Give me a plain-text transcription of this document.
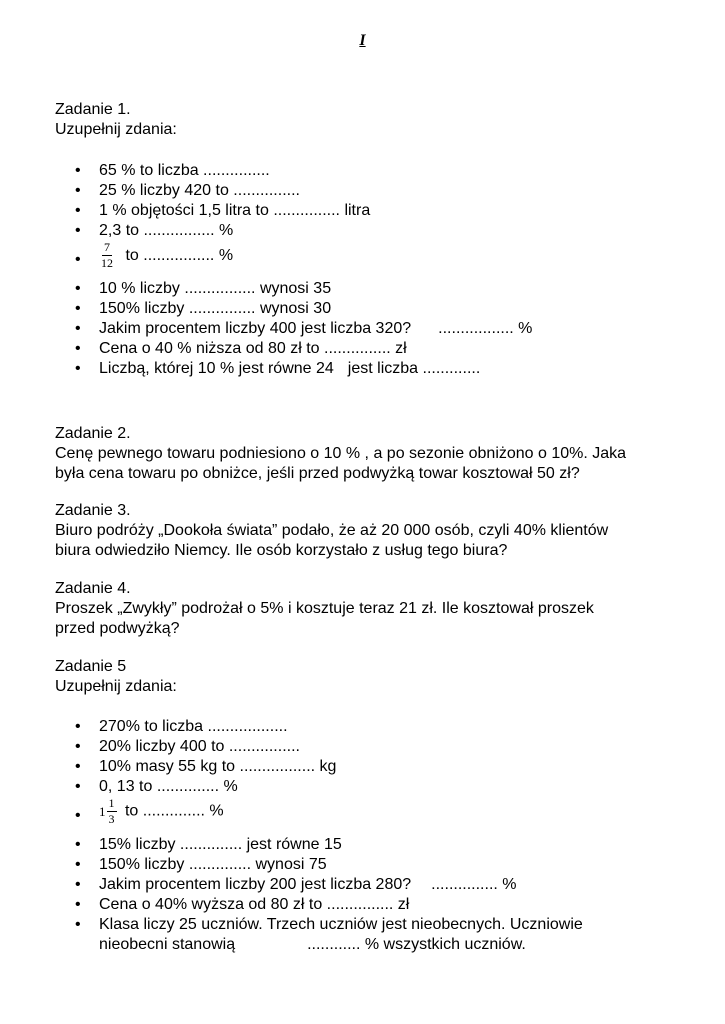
I
Zadanie 1.
Uzupełnij zdania:
• 65 % to liczba ...............
• 25 % liczby 420 to ...............
• 1 % objętości 1,5 litra to ............... litra
• 2,3 to ................ %
• $\frac{7}{12}$ to ................ %
• 10 % liczby ................ wynosi 35
• 150% liczby ............... wynosi 30
• Jakim procentem liczby 400 jest liczba 320? ................. %
• Cena o 40 % niższa od 80 zł to ............... zł
• Liczbą, której 10 % jest równe 24 jest liczba .............
Zadanie 2.
Cenę pewnego towaru podniesiono o 10 % , a po sezonie obniżono o 10%. Jaka
była cena towaru po obniżce, jeśli przed podwyżką towar kosztował 50 zł?
Zadanie 3.
Biuro podróży „Dookoła świata” podało, że aż 20 000 osób, czyli 40% klientów
biura odwiedziło Niemcy. Ile osób korzystało z usług tego biura?
Zadanie 4.
Proszek „Zwykły” podrożał o 5% i kosztuje teraz 21 zł. Ile kosztował proszek
przed podwyżką?
Zadanie 5
Uzupełnij zdania:
• 270% to liczba ..................
• 20% liczby 400 to ................
• 10% masy 55 kg to ................. kg
• 0, 13 to .............. %
• $1 \frac{1}{3}$ to .............. %
• 15% liczby .............. jest równe 15
• 150% liczby .............. wynosi 75
• Jakim procentem liczby 200 jest liczba 280? ............... %
• Cena o 40% wyższa od 80 zł to ............... zł
• Klasa liczy 25 uczniów. Trzech uczniów jest nieobecnych. Uczniowie
nieobecni stanowią	............ % wszystkich uczniów.
